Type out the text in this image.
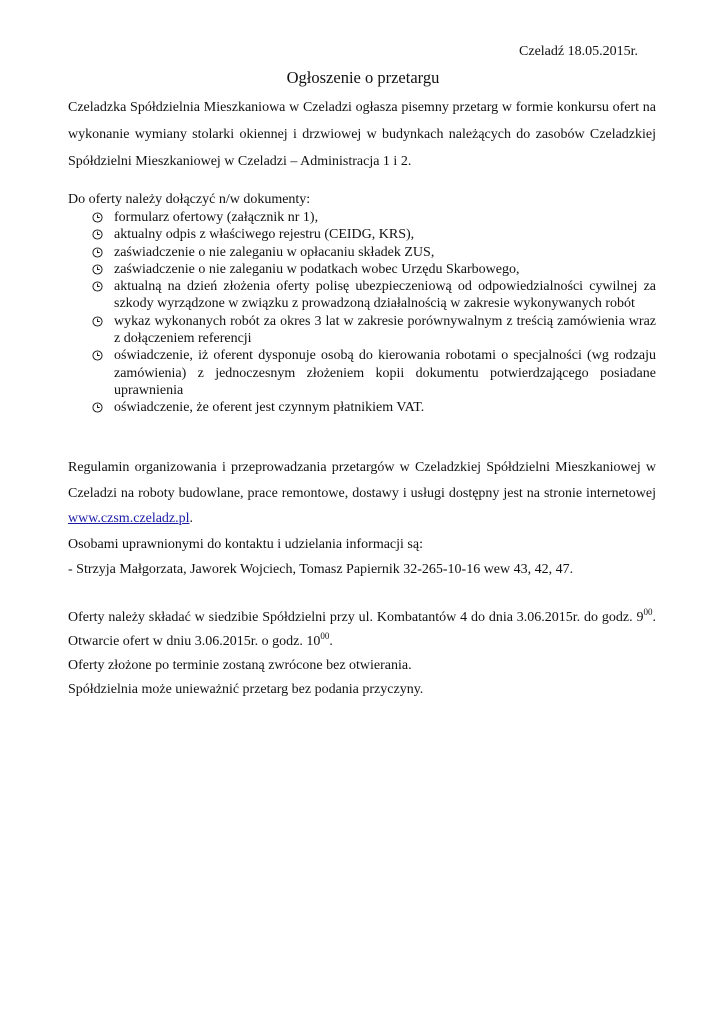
Czeladź 18.05.2015r.
Ogłoszenie o przetargu
Czeladzka Spółdzielnia Mieszkaniowa w Czeladzi ogłasza pisemny przetarg w formie konkursu ofert na wykonanie wymiany stolarki okiennej i drzwiowej w budynkach należących do zasobów Czeladzkiej Spółdzielni Mieszkaniowej w Czeladzi – Administracja 1 i 2.
Do oferty należy dołączyć n/w dokumenty:
formularz ofertowy (załącznik nr 1),
aktualny odpis z właściwego rejestru (CEIDG, KRS),
zaświadczenie o nie zaleganiu w opłacaniu składek ZUS,
zaświadczenie o nie zaleganiu w podatkach wobec Urzędu Skarbowego,
aktualną na dzień złożenia oferty polisę ubezpieczeniową od odpowiedzialności cywilnej za szkody wyrządzone w związku z prowadzoną działalnością w zakresie wykonywanych robót
wykaz wykonanych robót za okres 3 lat w zakresie porównywalnym z treścią zamówienia wraz z dołączeniem referencji
oświadczenie, iż oferent dysponuje osobą do kierowania robotami o specjalności (wg rodzaju zamówienia) z jednoczesnym złożeniem kopii dokumentu potwierdzającego posiadane uprawnienia
oświadczenie, że oferent jest czynnym płatnikiem VAT.
Regulamin organizowania i przeprowadzania przetargów w Czeladzkiej Spółdzielni Mieszkaniowej w Czeladzi na roboty budowlane, prace remontowe, dostawy i usługi dostępny jest na stronie internetowej www.czsm.czeladz.pl.
Osobami uprawnionymi do kontaktu i udzielania informacji są:
- Strzyja Małgorzata, Jaworek Wojciech, Tomasz Papiernik 32-265-10-16 wew 43, 42, 47.
Oferty należy składać w siedzibie Spółdzielni przy ul. Kombatantów 4 do dnia 3.06.2015r. do godz. $9^{00}$. Otwarcie ofert w dniu 3.06.2015r. o godz. $10^{00}$.
Oferty złożone po terminie zostaną zwrócone bez otwierania.
Spółdzielnia może unieważnić przetarg bez podania przyczyny.
